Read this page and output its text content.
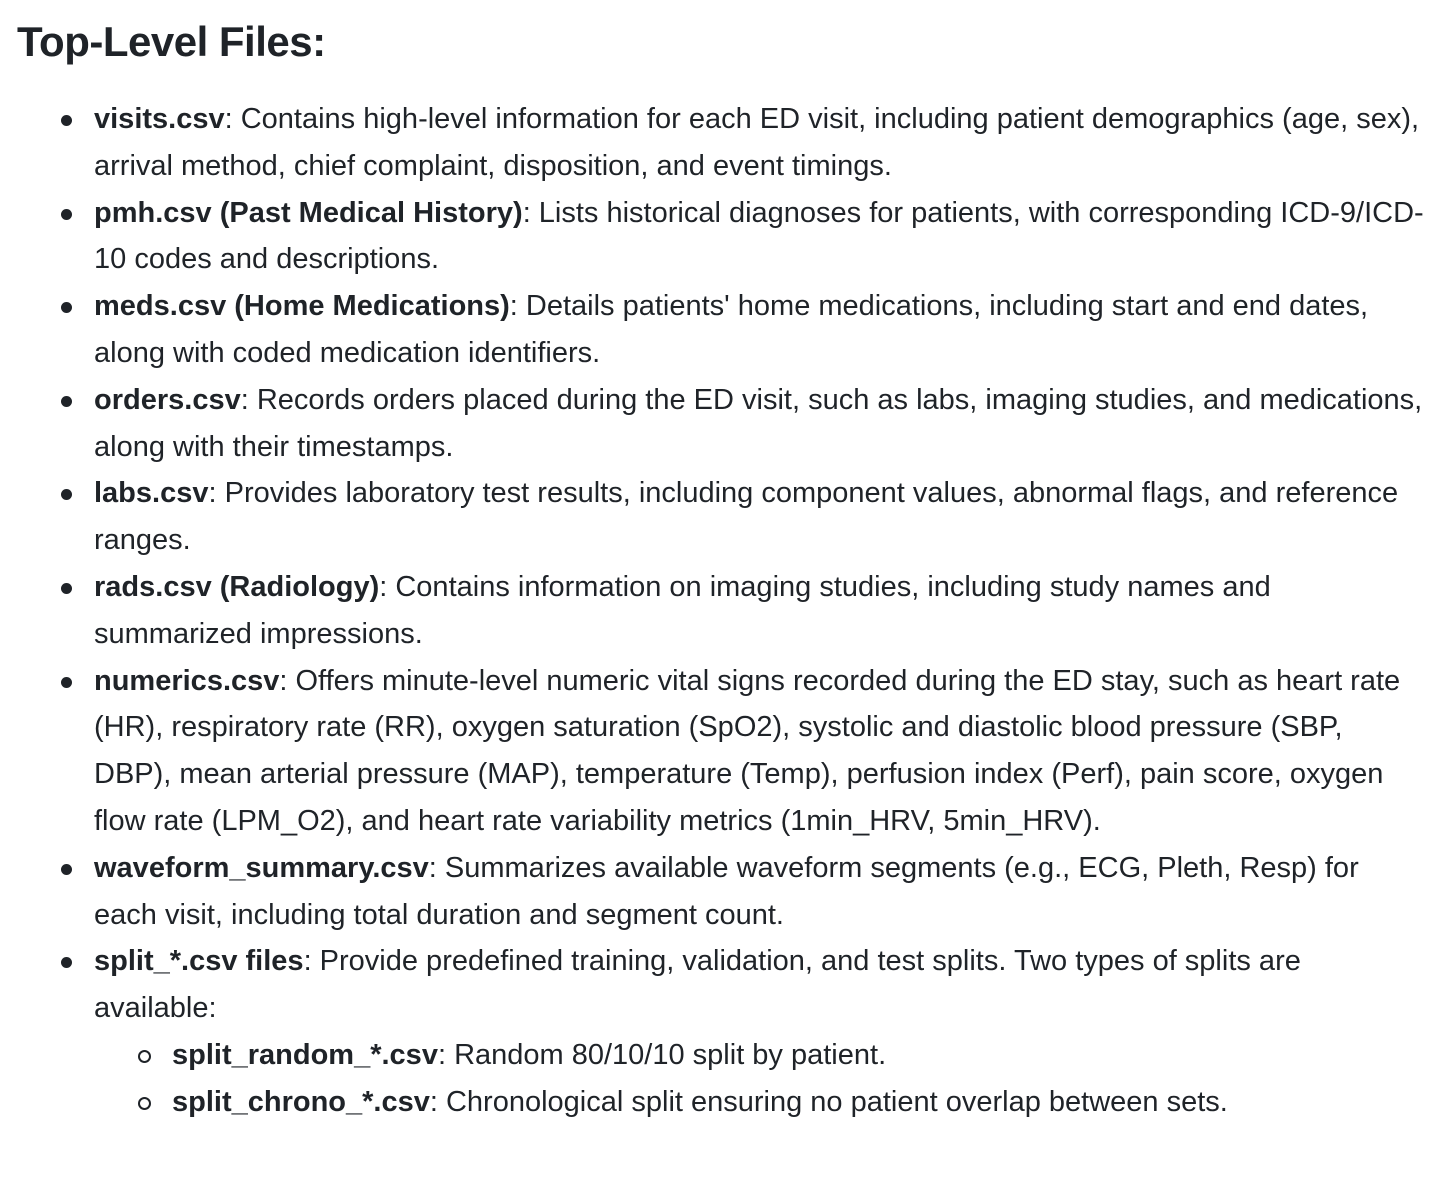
Top-Level Files:
visits.csv: Contains high-level information for each ED visit, including patient demographics (age, sex), arrival method, chief complaint, disposition, and event timings.
pmh.csv (Past Medical History): Lists historical diagnoses for patients, with corresponding ICD-9/ICD-10 codes and descriptions.
meds.csv (Home Medications): Details patients' home medications, including start and end dates, along with coded medication identifiers.
orders.csv: Records orders placed during the ED visit, such as labs, imaging studies, and medications, along with their timestamps.
labs.csv: Provides laboratory test results, including component values, abnormal flags, and reference ranges.
rads.csv (Radiology): Contains information on imaging studies, including study names and summarized impressions.
numerics.csv: Offers minute-level numeric vital signs recorded during the ED stay, such as heart rate (HR), respiratory rate (RR), oxygen saturation (SpO2), systolic and diastolic blood pressure (SBP, DBP), mean arterial pressure (MAP), temperature (Temp), perfusion index (Perf), pain score, oxygen flow rate (LPM_O2), and heart rate variability metrics (1min_HRV, 5min_HRV).
waveform_summary.csv: Summarizes available waveform segments (e.g., ECG, Pleth, Resp) for each visit, including total duration and segment count.
split_*.csv files: Provide predefined training, validation, and test splits. Two types of splits are available:
split_random_*.csv: Random 80/10/10 split by patient.
split_chrono_*.csv: Chronological split ensuring no patient overlap between sets.
